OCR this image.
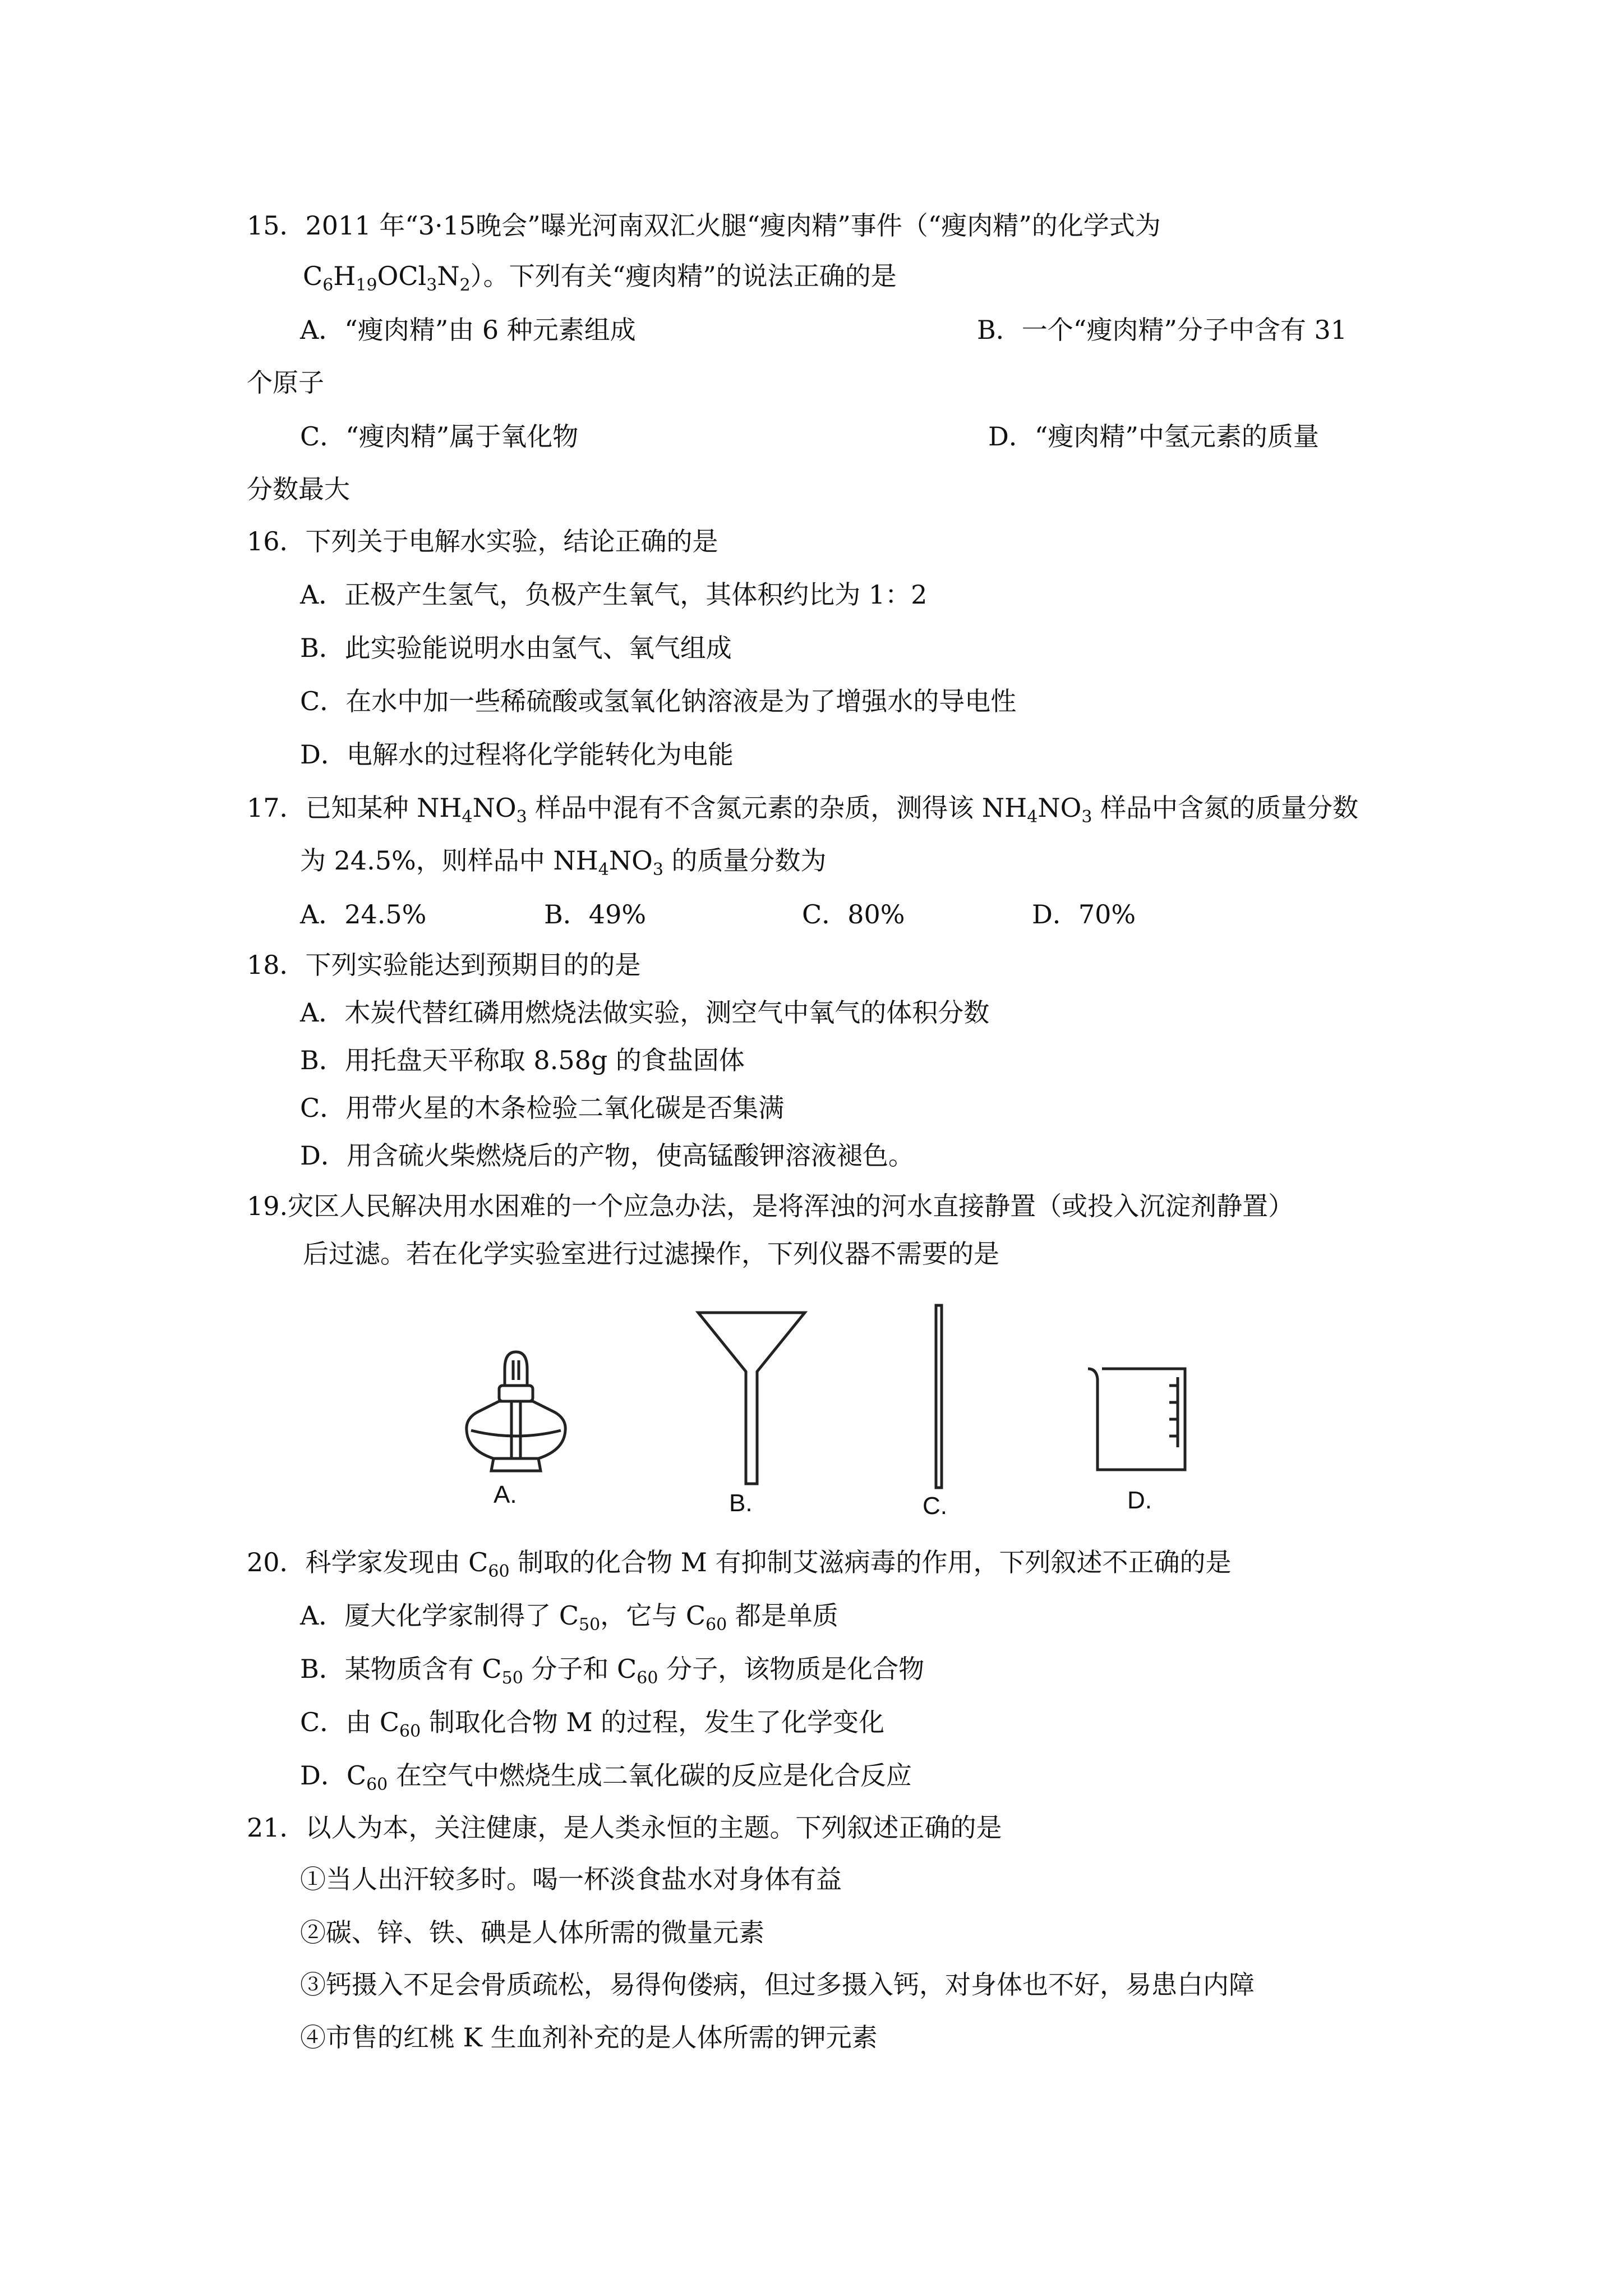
15．2011 年“3·15晚会”曝光河南双汇火腿“瘦肉精”事件（“瘦肉精”的化学式为
$C_6H_{19}OCl_3N_2$）。下列有关“瘦肉精”的说法正确的是
A．“瘦肉精”由 6 种元素组成	B．一个“瘦肉精”分子中含有 31
个原子
C．“瘦肉精”属于氧化物	D．“瘦肉精”中氢元素的质量
分数最大
16．下列关于电解水实验，结论正确的是
A．正极产生氢气，负极产生氧气，其体积约比为 1：2
B．此实验能说明水由氢气、氧气组成
C．在水中加一些稀硫酸或氢氧化钠溶液是为了增强水的导电性
D．电解水的过程将化学能转化为电能
17．已知某种 $NH_4NO_3$ 样品中混有不含氮元素的杂质，测得该 $NH_4NO_3$ 样品中含氮的质量分数
为 24.5%，则样品中 $NH_4NO_3$ 的质量分数为
A．24.5%	B．49%	C．80%	D．70%
18．下列实验能达到预期目的的是
A．木炭代替红磷用燃烧法做实验，测空气中氧气的体积分数
B．用托盘天平称取 8.58g 的食盐固体
C．用带火星的木条检验二氧化碳是否集满
D．用含硫火柴燃烧后的产物，使高锰酸钾溶液褪色。
19.灾区人民解决用水困难的一个应急办法，是将浑浊的河水直接静置（或投入沉淀剂静置）
后过滤。若在化学实验室进行过滤操作，下列仪器不需要的是
A.	B.	C.	D.
20．科学家发现由 $C_{60}$ 制取的化合物 M 有抑制艾滋病毒的作用，下列叙述不正确的是
A．厦大化学家制得了 $C_{50}$，它与 $C_{60}$ 都是单质
B．某物质含有 $C_{50}$ 分子和 $C_{60}$ 分子，该物质是化合物
C．由 $C_{60}$ 制取化合物 M 的过程，发生了化学变化
D．$C_{60}$ 在空气中燃烧生成二氧化碳的反应是化合反应
21．以人为本，关注健康，是人类永恒的主题。下列叙述正确的是
①当人出汗较多时。喝一杯淡食盐水对身体有益
②碳、锌、铁、碘是人体所需的微量元素
③钙摄入不足会骨质疏松，易得佝偻病，但过多摄入钙，对身体也不好，易患白内障
④市售的红桃 K 生血剂补充的是人体所需的钾元素
